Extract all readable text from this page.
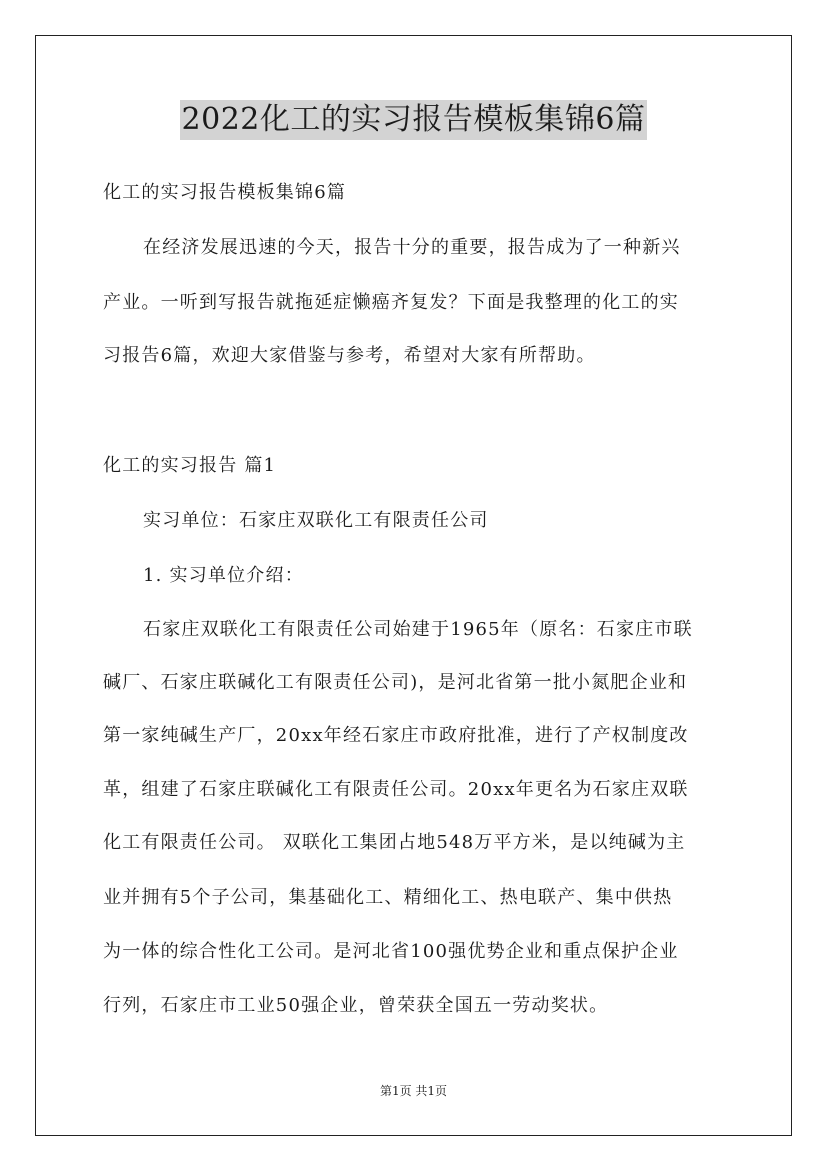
2022化工的实习报告模板集锦6篇
化工的实习报告模板集锦6篇
在经济发展迅速的今天，报告十分的重要，报告成为了一种新兴
产业。一听到写报告就拖延症懒癌齐复发？下面是我整理的化工的实
习报告6篇，欢迎大家借鉴与参考，希望对大家有所帮助。
化工的实习报告 篇1
实习单位：石家庄双联化工有限责任公司
1. 实习单位介绍：
石家庄双联化工有限责任公司始建于1965年（原名：石家庄市联
碱厂、石家庄联碱化工有限责任公司)，是河北省第一批小氮肥企业和
第一家纯碱生产厂，20xx年经石家庄市政府批准，进行了产权制度改
革，组建了石家庄联碱化工有限责任公司。20xx年更名为石家庄双联
化工有限责任公司。 双联化工集团占地548万平方米，是以纯碱为主
业并拥有5个子公司，集基础化工、精细化工、热电联产、集中供热
为一体的综合性化工公司。是河北省100强优势企业和重点保护企业
行列，石家庄市工业50强企业，曾荣获全国五一劳动奖状。
第1页 共1页
